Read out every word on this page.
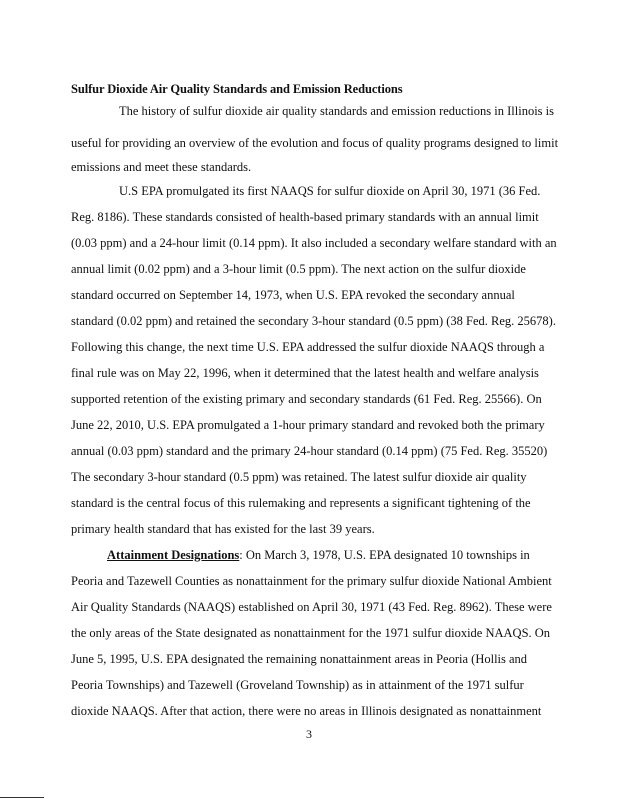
Sulfur Dioxide Air Quality Standards and Emission Reductions
The history of sulfur dioxide air quality standards and emission reductions in Illinois is
useful for providing an overview of the evolution and focus of quality programs designed to limit
emissions and meet these standards.
U.S EPA promulgated its first NAAQS for sulfur dioxide on April 30, 1971 (36 Fed.
Reg. 8186). These standards consisted of health-based primary standards with an annual limit
(0.03 ppm) and a 24-hour limit (0.14 ppm). It also included a secondary welfare standard with an
annual limit (0.02 ppm) and a 3-hour limit (0.5 ppm). The next action on the sulfur dioxide
standard occurred on September 14, 1973, when U.S. EPA revoked the secondary annual
standard (0.02 ppm) and retained the secondary 3-hour standard (0.5 ppm) (38 Fed. Reg. 25678).
Following this change, the next time U.S. EPA addressed the sulfur dioxide NAAQS through a
final rule was on May 22, 1996, when it determined that the latest health and welfare analysis
supported retention of the existing primary and secondary standards (61 Fed. Reg. 25566). On
June 22, 2010, U.S. EPA promulgated a 1-hour primary standard and revoked both the primary
annual (0.03 ppm) standard and the primary 24-hour standard (0.14 ppm) (75 Fed. Reg. 35520)
The secondary 3-hour standard (0.5 ppm) was retained. The latest sulfur dioxide air quality
standard is the central focus of this rulemaking and represents a significant tightening of the
primary health standard that has existed for the last 39 years.
Attainment Designations: On March 3, 1978, U.S. EPA designated 10 townships in
Peoria and Tazewell Counties as nonattainment for the primary sulfur dioxide National Ambient
Air Quality Standards (NAAQS) established on April 30, 1971 (43 Fed. Reg. 8962). These were
the only areas of the State designated as nonattainment for the 1971 sulfur dioxide NAAQS. On
June 5, 1995, U.S. EPA designated the remaining nonattainment areas in Peoria (Hollis and
Peoria Townships) and Tazewell (Groveland Township) as in attainment of the 1971 sulfur
dioxide NAAQS. After that action, there were no areas in Illinois designated as nonattainment
3
